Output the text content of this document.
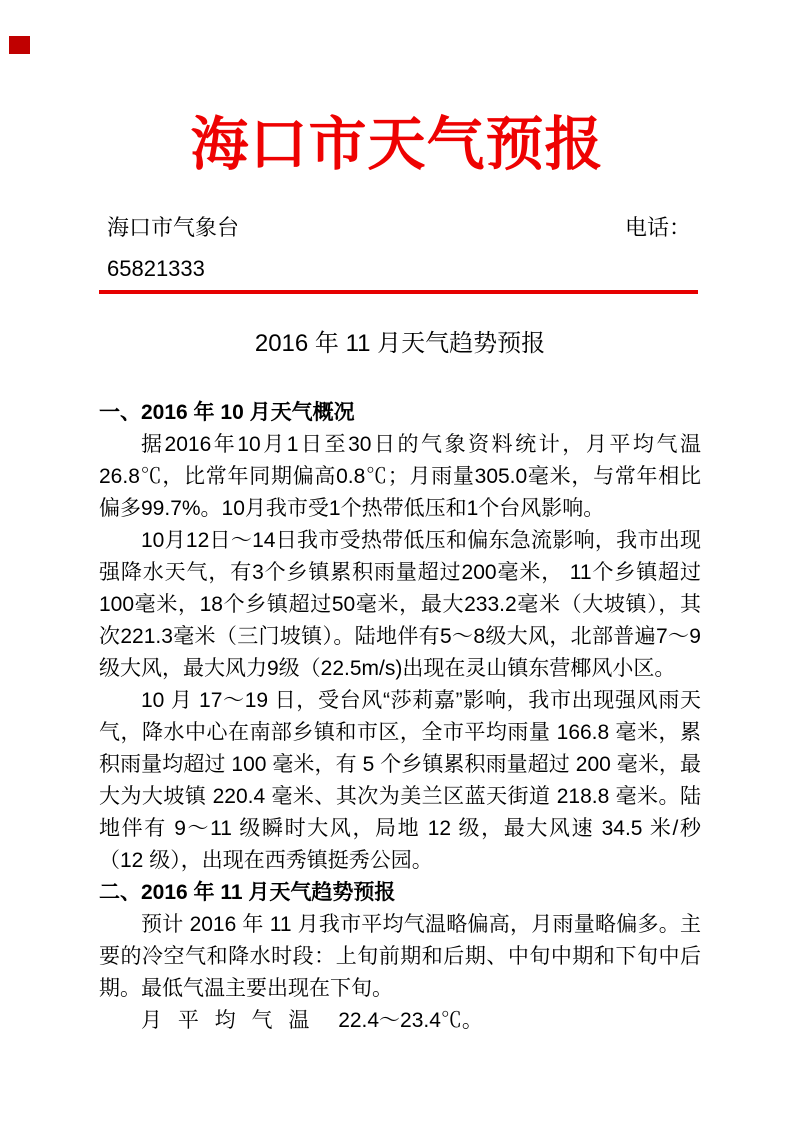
海口市天气预报
海口市气象台	电话：
65821333
2016 年 11 月天气趋势预报
一、2016 年 10 月天气概况

据2016年10月1日至30日的气象资料统计，月平均气温26.8℃，比常年同期偏高0.8℃；月雨量305.0毫米，与常年相比偏多99.7%。10月我市受1个热带低压和1个台风影响。

10月12日～14日我市受热带低压和偏东急流影响，我市出现强降水天气，有3个乡镇累积雨量超过200毫米， 11个乡镇超过100毫米，18个乡镇超过50毫米，最大233.2毫米（大坡镇），其次221.3毫米（三门坡镇）。陆地伴有5～8级大风，北部普遍7～9级大风，最大风力9级（22.5m/s)出现在灵山镇东营椰风小区。

10 月 17～19 日，受台风“莎莉嘉”影响，我市出现强风雨天气，降水中心在南部乡镇和市区，全市平均雨量 166.8 毫米，累积雨量均超过 100 毫米，有 5 个乡镇累积雨量超过 200 毫米，最大为大坡镇 220.4 毫米、其次为美兰区蓝天街道 218.8 毫米。陆地伴有 9～11 级瞬时大风，局地 12 级，最大风速 34.5 米/秒（12 级），出现在西秀镇挺秀公园。

二、2016 年 11 月天气趋势预报

预计 2016 年 11 月我市平均气温略偏高，月雨量略偏多。主要的冷空气和降水时段：上旬前期和后期、中旬中期和下旬中后期。最低气温主要出现在下旬。

月 平 均 气 温 22.4～23.4℃。
